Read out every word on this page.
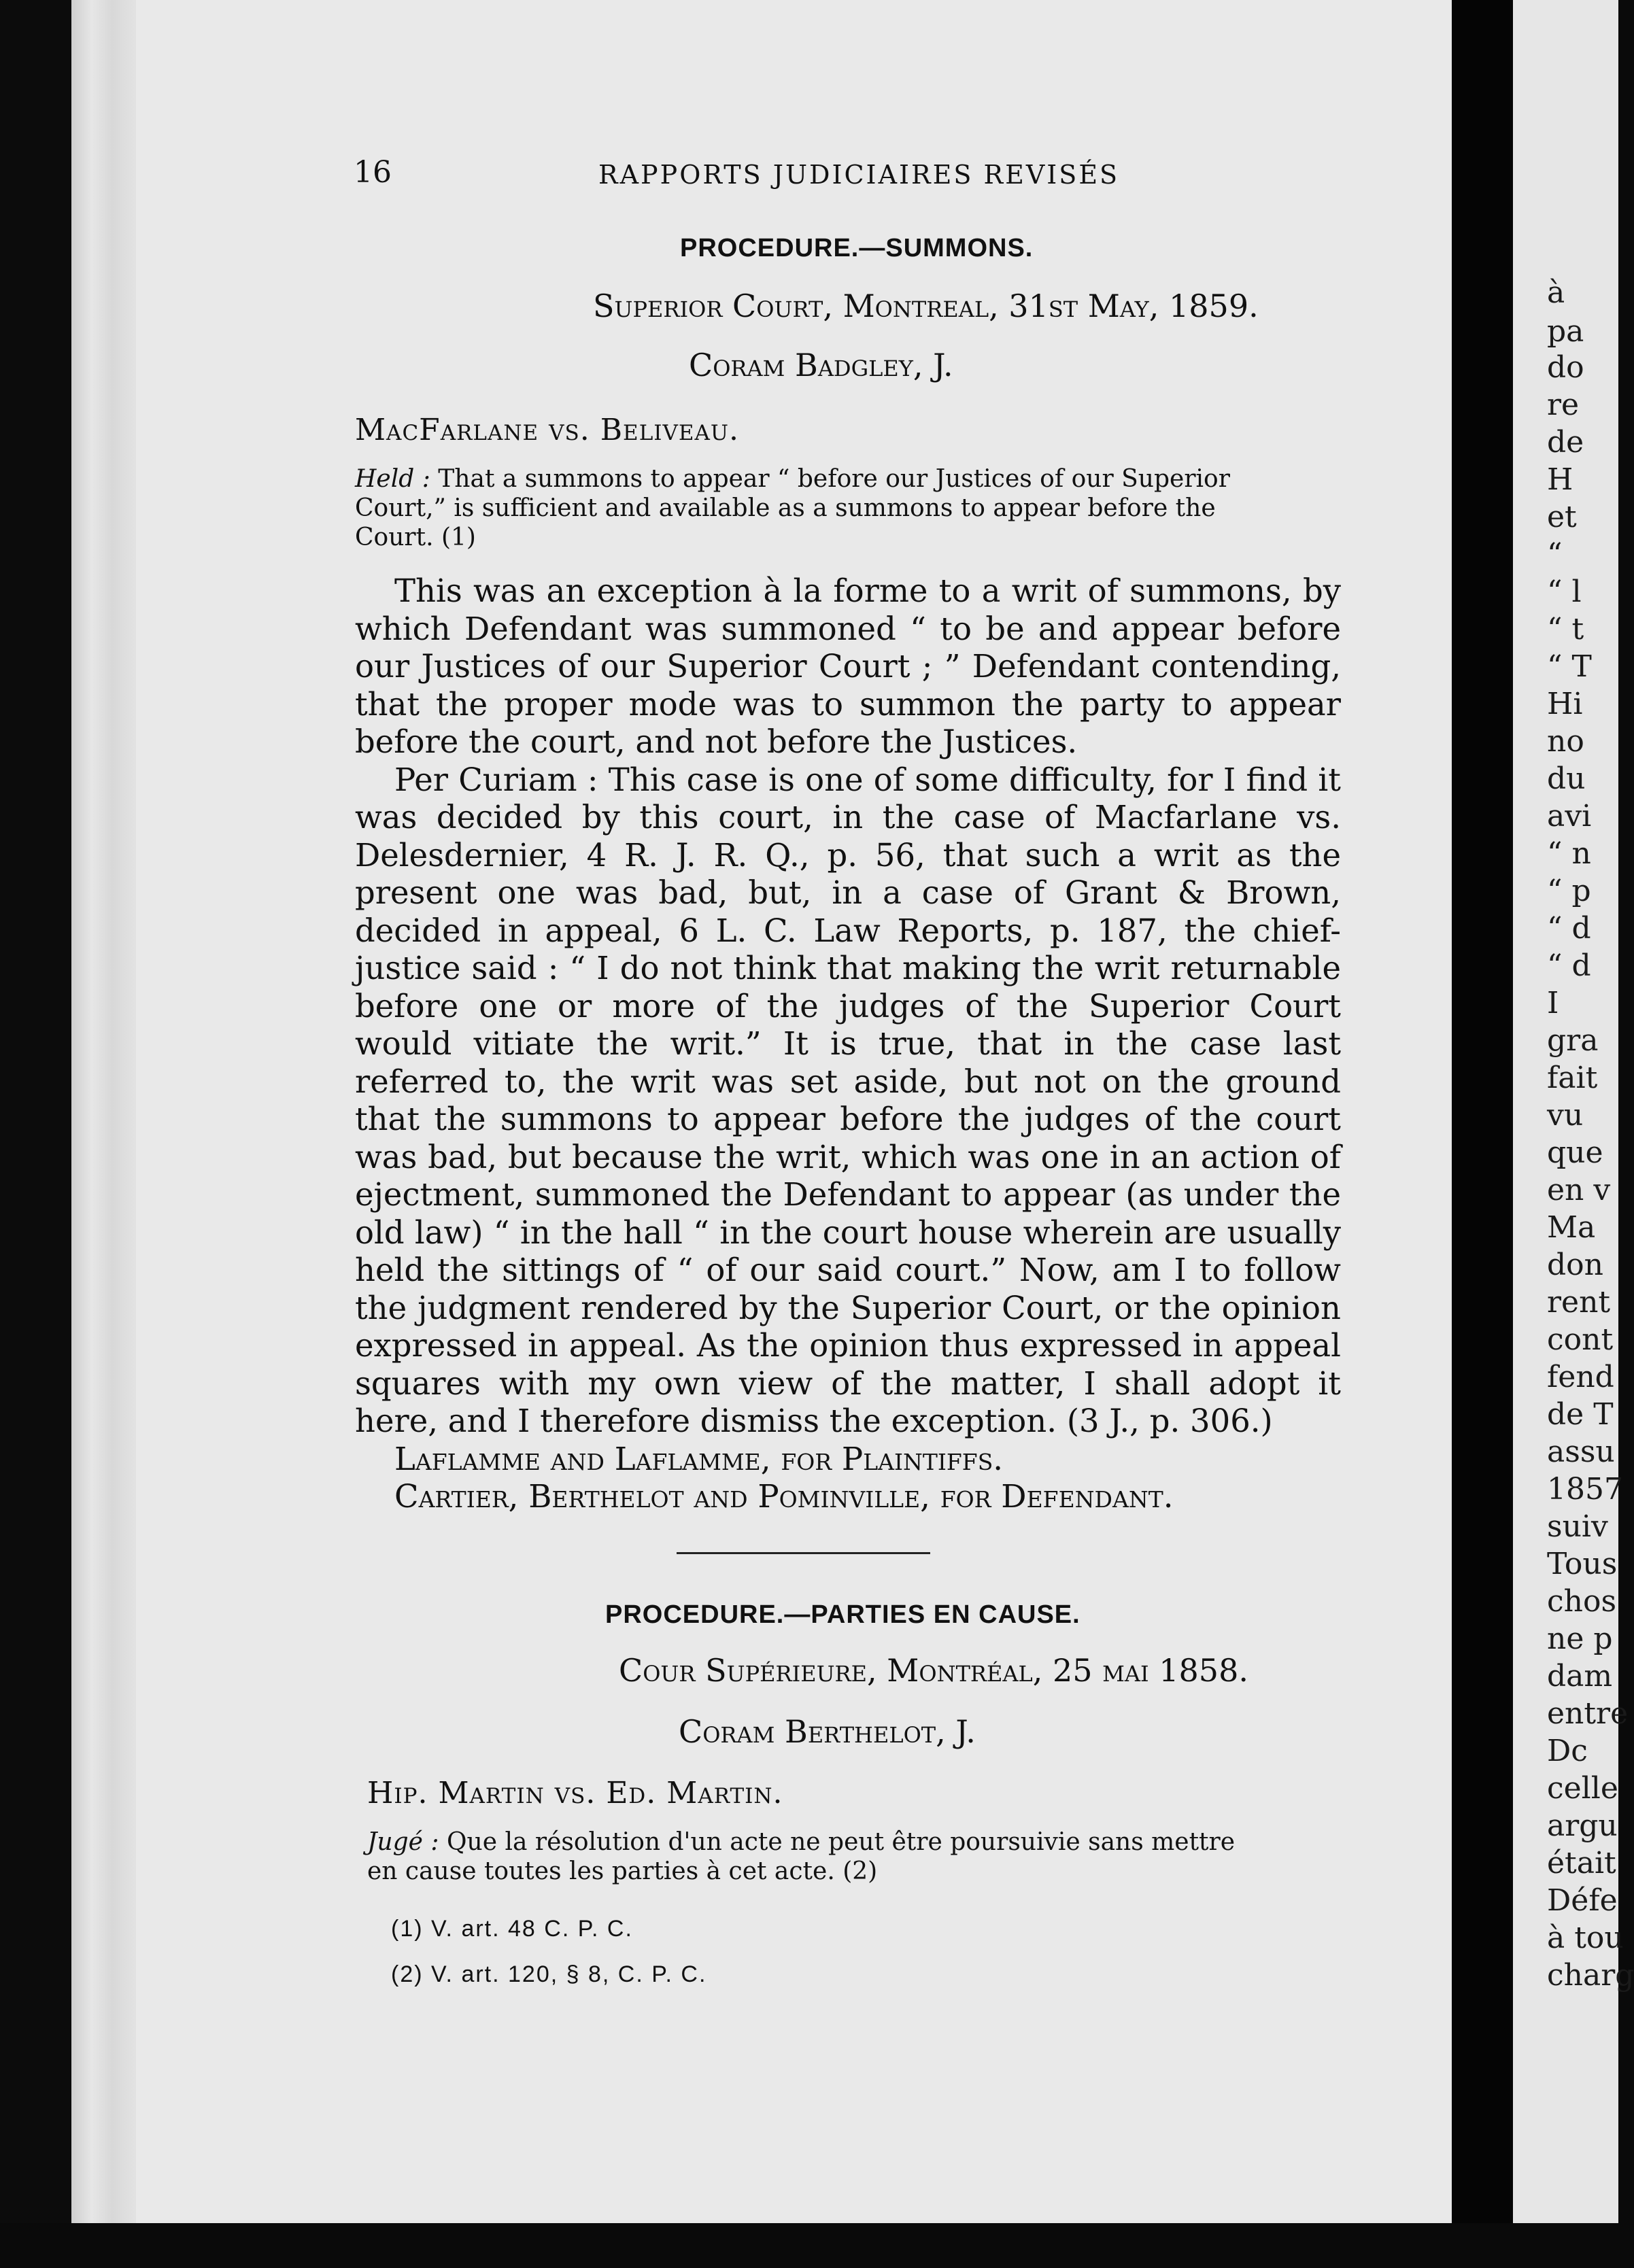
16	RAPPORTS JUDICIAIRES REVISÉS
PROCEDURE.—SUMMONS.
Superior Court, Montreal, 31st May, 1859.
Coram Badgley, J.
MacFarlane vs. Beliveau.
Held : That a summons to appear “ before our Justices of our Superior
Court,” is sufficient and available as a summons to appear before the
Court. (1)

This was an exception à la forme to a writ of summons, by which Defendant was summoned “ to be and appear before our Justices of our Superior Court ; ” Defendant contending, that the proper mode was to summon the party to appear before the court, and not before the Justices.

Per Curiam : This case is one of some difficulty, for I find it was decided by this court, in the case of Macfarlane vs. Delesdernier, 4 R. J. R. Q., p. 56, that such a writ as the present one was bad, but, in a case of Grant & Brown, decided in appeal, 6 L. C. Law Reports, p. 187, the chief-justice said : “ I do not think that making the writ returnable before one or more of the judges of the Superior Court would vitiate the writ.” It is true, that in the case last referred to, the writ was set aside, but not on the ground that the summons to appear before the judges of the court was bad, but because the writ, which was one in an action of ejectment, summoned the Defendant to appear (as under the old law) “ in the hall “ in the court house wherein are usually held the sittings of “ of our said court.” Now, am I to follow the judgment rendered by the Superior Court, or the opinion expressed in appeal. As the opinion thus expressed in appeal squares with my own view of the matter, I shall adopt it here, and I therefore dismiss the exception. (3 J., p. 306.)

Laflamme and Laflamme, for Plaintiffs.

Cartier, Berthelot and Pominville, for Defendant.

PROCEDURE.—PARTIES EN CAUSE.
Cour Supérieure, Montréal, 25 mai 1858.
Coram Berthelot, J.
Hip. Martin vs. Ed. Martin.
Jugé : Que la résolution d'un acte ne peut être poursuivie sans mettre
en cause toutes les parties à cet acte. (2)
(1) V. art. 48 C. P. C.
(2) V. art. 120, § 8, C. P. C.
à
pa
do
re
de
H
et
“
“ l
“ t
“ T
Hi
no
du
avi
“ n
“ p
“ d
“ d
I
gra
fait
vu
que
en v
Ma
don
rent
cont
fend
de T
assu
1857
suiv
Tous
chos
ne p
dam
entre
Dc
celle
argu
était
Défe
à tou
charg
